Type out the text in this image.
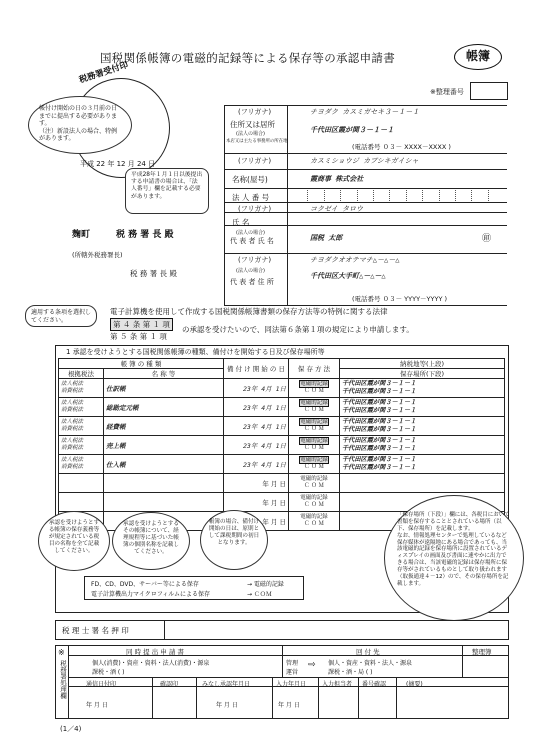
国税関係帳簿の電磁的記録等による保存等の承認申請書	帳簿
税務署受付印
※整理番号
帳付け開始の日の３月前の日までに提出する必要があります。
（注）新設法人の場合、特例があります。
平成 22 年 12 月 24 日
平成28年１月１日以後提出する申請書の場合は、「法人番号」欄を記載する必要があります。
麹町	税 務 署 長 殿
(所轄外税務署長)
税 務 署 長 殿
(フリガナ)	チヨダク カスミガセキ３－１－１
住所又は居所
(法人の場合)
本店又は主たる事務所の所在地
千代田区霞が関３－１－１
(電話番号 ０３－ XXXX－XXXX )
(フリガナ)	カスミショウジ カブシキガイシャ
名称(屋号)	霞商事 株式会社
法 人 番 号
(フリガナ)	コクゼイ タロウ
氏 名
(法人の場合)
代 表 者 氏 名	国税 太郎	㊞
(フリガナ)	チヨダクオオテマチ△－△－△
(法人の場合)
代 表 者 住 所
千代田区大手町△－△－△
(電話番号 ０３－ YYYY－YYYY )
適用する条項を選択してください。
電子計算機を使用して作成する国税関係帳簿書類の保存方法等の特例に関する法律
第 ４ 条 第 １ 項
第 ５ 条 第 １ 項
の承認を受けたいので、同法第６条第１項の規定により申請します。
1 承認を受けようとする国税関係帳簿の種類、備付けを開始する日及び保存場所等
帳 簿 の 種 類		備 付 け 開 始 の 日	保 存 方 法	納税地等(上段)
根拠税法	名 称 等			保存場所(下段)
法人税法
消費税法	仕訳帳	23年 4月 1日	電磁的記録
Ｃ Ｏ Ｍ	千代田区霞が関３－１－１
千代田区霞が関３－１－１
法人税法
消費税法	総勘定元帳	23年 4月 1日	電磁的記録
Ｃ Ｏ Ｍ	千代田区霞が関３－１－１
千代田区霞が関３－１－１
法人税法
消費税法	経費帳	23年 4月 1日	電磁的記録
Ｃ Ｏ Ｍ	千代田区霞が関３－１－１
千代田区霞が関３－１－１
法人税法
消費税法	売上帳	23年 4月 1日	電磁的記録
Ｃ Ｏ Ｍ	千代田区霞が関３－１－１
千代田区霞が関３－１－１
法人税法
消費税法	仕入帳	23年 4月 1日	電磁的記録
Ｃ Ｏ Ｍ	千代田区霞が関３－１－１
千代田区霞が関３－１－１
		年 月 日	電磁的記録
Ｃ Ｏ Ｍ	
		年 月 日	電磁的記録
Ｃ Ｏ Ｍ	
		年 月 日	電磁的記録
Ｃ Ｏ Ｍ	
承認を受けようとする帳簿の保存義務等が規定されている税目の名称を全て記載してください。
承認を受けようとするその帳簿について、経理規程等に基づいた帳簿の個別名称を記載してください。
帳簿の場合、備付け開始の日は、原則として課税期間の初日となります。
「保存場所（下段）」欄には、各税目において書類を保存することとされている場所（以下、保存場所）を記載します。
なお、情報処理センターで処理しているなど保存媒体が遠隔地にある場合であっても、当該電磁的記録を保存場所に設置されているディスプレイの画面及び書面に速やかに出力できる場合は、当該電磁的記録は保存場所に保存等がされているものとして取り扱われます（取扱通達４－12）ので、その保存場所を記載します。
FD、CD、DVD、サーバー等による保存	→ 電磁的記録
電子計算機出力マイクロフィルムによる保存	→ ＣＯＭ
税 理 士 署 名 押 印
※
税務署処理欄
同 時 提 出 申 請 書	回 付 先	整理簿
個人(消費)・資産・資料・法人(消費)・源泉
課税・酒 ( )
管理
運営
⇨ 個人・資産・資料・法人・源泉
課税・酒・局 ( )
通信日付印	確認印	みなし承認年月日	入力年月日	入力担当者 番号確認	(摘要)
年 月 日	年 月 日	年 月 日
(1／4)
